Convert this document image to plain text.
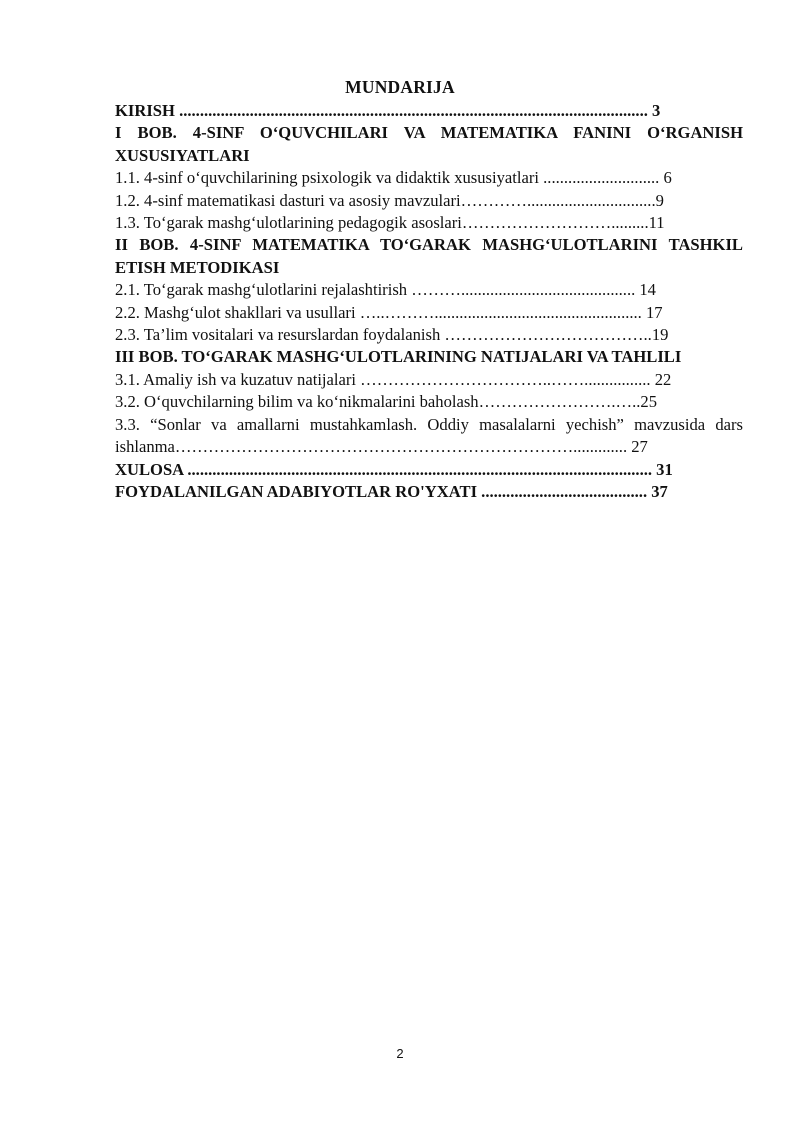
MUNDARIJA

KIRISH ................................................................................................................. 3

I BOB. 4-SINF O‘QUVCHILARI VA MATEMATIKA FANINI O‘RGANISH XUSUSIYATLARI

1.1. 4-sinf o‘quvchilarining psixologik va didaktik xususiyatlari ............................ 6

1.2. 4-sinf matematikasi dasturi va asosiy mavzulari…………...............................9

1.3. To‘garak mashg‘ulotlarining pedagogik asoslari……………………….........11

II BOB. 4-SINF MATEMATIKA TO‘GARAK MASHG‘ULOTLARINI TASHKIL ETISH METODIKASI

2.1. To‘garak mashg‘ulotlarini rejalashtirish ……….......................................... 14

2.2. Mashg‘ulot shakllari va usullari …..……….................................................. 17

2.3. Ta’lim vositalari va resurslardan foydalanish ………………………………..19

III BOB. TO‘GARAK MASHG‘ULOTLARINING NATIJALARI VA TAHLILI

3.1. Amaliy ish va kuzatuv natijalari ……………………………..……................ 22

3.2. O‘quvchilarning bilim va ko‘nikmalarini baholash…………………….…..25

3.3. “Sonlar va amallarni mustahkamlash. Oddiy masalalarni yechish” mavzusida dars ishlanma………………………………………………………………............. 27

XULOSA ................................................................................................................ 31

FOYDALANILGAN ADABIYOTLAR RO'YXATI ........................................ 37

2
